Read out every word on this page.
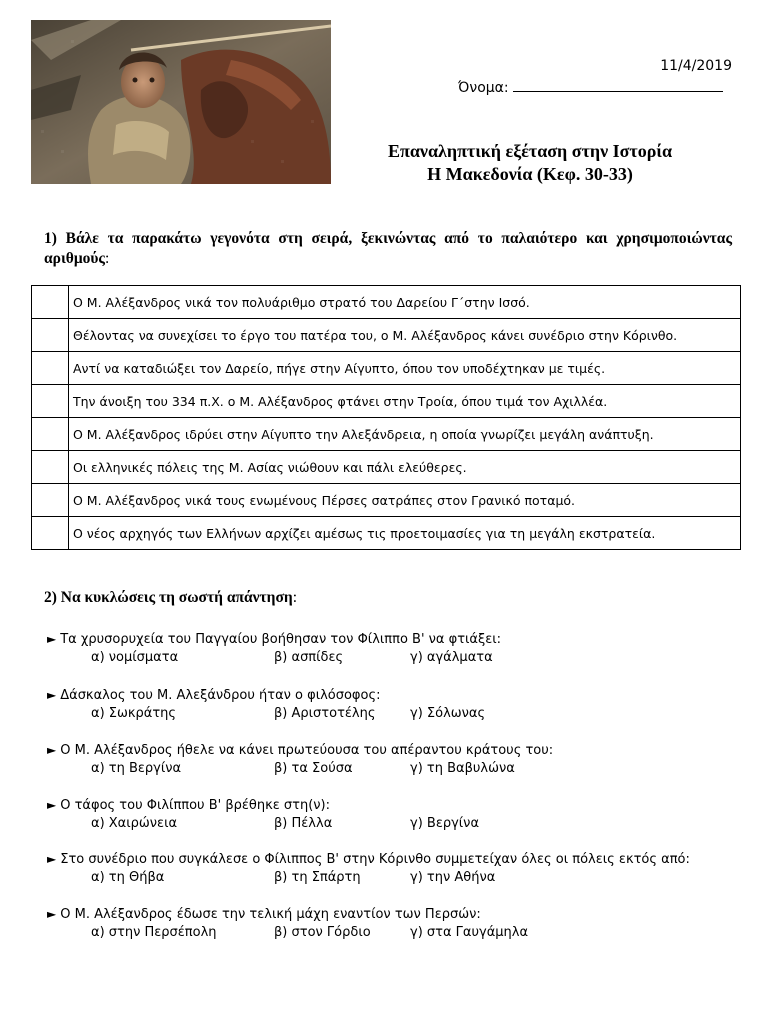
11/4/2019
Όνομα:
Επαναληπτική εξέταση στην Ιστορία
Η Μακεδονία (Κεφ. 30-33)
1) Βάλε τα παρακάτω γεγονότα στη σειρά, ξεκινώντας από το παλαιότερο και χρησιμοποιώντας αριθμούς:
	Ο Μ. Αλέξανδρος νικά τον πολυάριθμο στρατό του Δαρείου Γ΄στην Ισσό.
	Θέλοντας να συνεχίσει το έργο του πατέρα του, ο Μ. Αλέξανδρος κάνει συνέδριο στην Κόρινθο.
	Αντί να καταδιώξει τον Δαρείο, πήγε στην Αίγυπτο, όπου τον υποδέχτηκαν με τιμές.
	Την άνοιξη του 334 π.Χ. ο Μ. Αλέξανδρος φτάνει στην Τροία, όπου τιμά τον Αχιλλέα.
	Ο Μ. Αλέξανδρος ιδρύει στην Αίγυπτο την Αλεξάνδρεια, η οποία γνωρίζει μεγάλη ανάπτυξη.
	Οι ελληνικές πόλεις της Μ. Ασίας νιώθουν και πάλι ελεύθερες.
	Ο Μ. Αλέξανδρος νικά τους ενωμένους Πέρσες σατράπες στον Γρανικό ποταμό.
	Ο νέος αρχηγός των Ελλήνων αρχίζει αμέσως τις προετοιμασίες για τη μεγάλη εκστρατεία.
2) Να κυκλώσεις τη σωστή απάντηση:
► Τα χρυσορυχεία του Παγγαίου βοήθησαν τον Φίλιππο Β' να φτιάξει:
α) νομίσματα	β) ασπίδες	γ) αγάλματα
► Δάσκαλος του Μ. Αλεξάνδρου ήταν ο φιλόσοφος:
α) Σωκράτης	β) Αριστοτέλης	γ) Σόλωνας
► Ο Μ. Αλέξανδρος ήθελε να κάνει πρωτεύουσα του απέραντου κράτους του:
α) τη Βεργίνα	β) τα Σούσα	γ) τη Βαβυλώνα
► Ο τάφος του Φιλίππου Β' βρέθηκε στη(ν):
α) Χαιρώνεια	β) Πέλλα	γ) Βεργίνα
► Στο συνέδριο που συγκάλεσε ο Φίλιππος Β' στην Κόρινθο συμμετείχαν όλες οι πόλεις εκτός από:
α) τη Θήβα	β) τη Σπάρτη	γ) την Αθήνα
► Ο Μ. Αλέξανδρος έδωσε την τελική μάχη εναντίον των Περσών:
α) στην Περσέπολη	β) στον Γόρδιο	γ) στα Γαυγάμηλα
